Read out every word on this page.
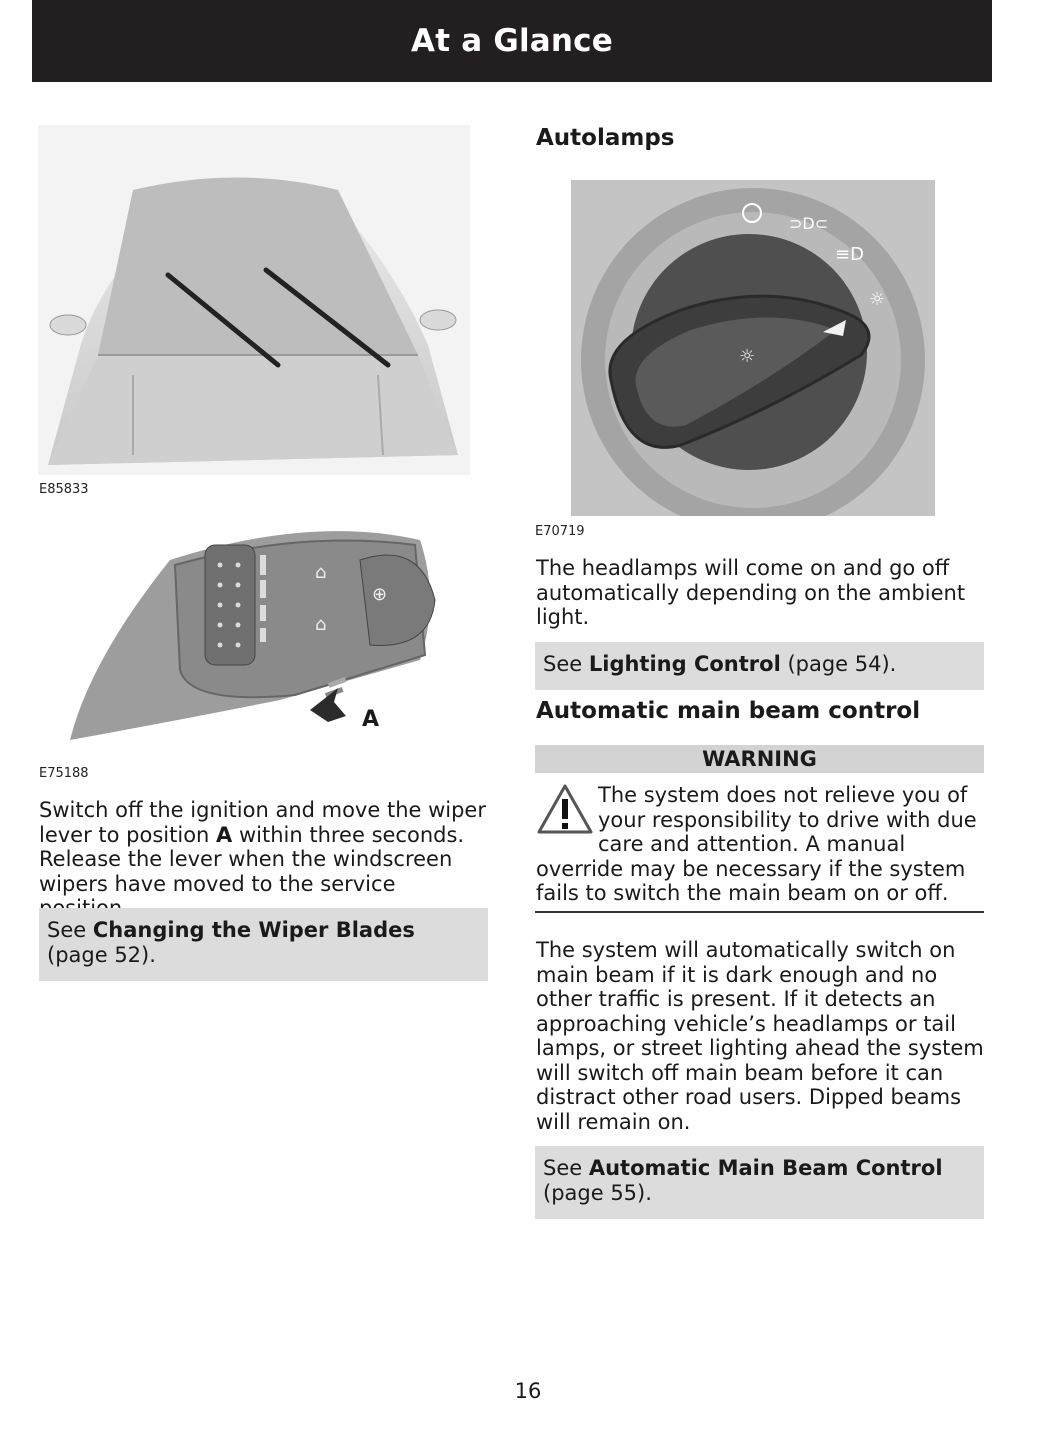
At a Glance
E85833
⌂
⌂
⊕
A
E75188
Switch off the ignition and move the wiper lever to position A within three seconds. Release the lever when the windscreen wipers have moved to the service
See Changing the Wiper Blades (page 52).
Autolamps
☼
⊃D⊂
≡D
☼
E70719
The headlamps will come on and go off automatically depending on the ambient light.
See Lighting Control (page 54).
Automatic main beam control
WARNING
The system does not relieve you of your responsibility to drive with due care and attention. A manual override may be necessary if the system fails to switch the main beam on or off.
The system will automatically switch on main beam if it is dark enough and no other traffic is present. If it detects an approaching vehicle’s headlamps or tail lamps, or street lighting ahead the system will switch off main beam before it can distract other road users. Dipped beams will remain on.
See Automatic Main Beam Control (page 55).
16
